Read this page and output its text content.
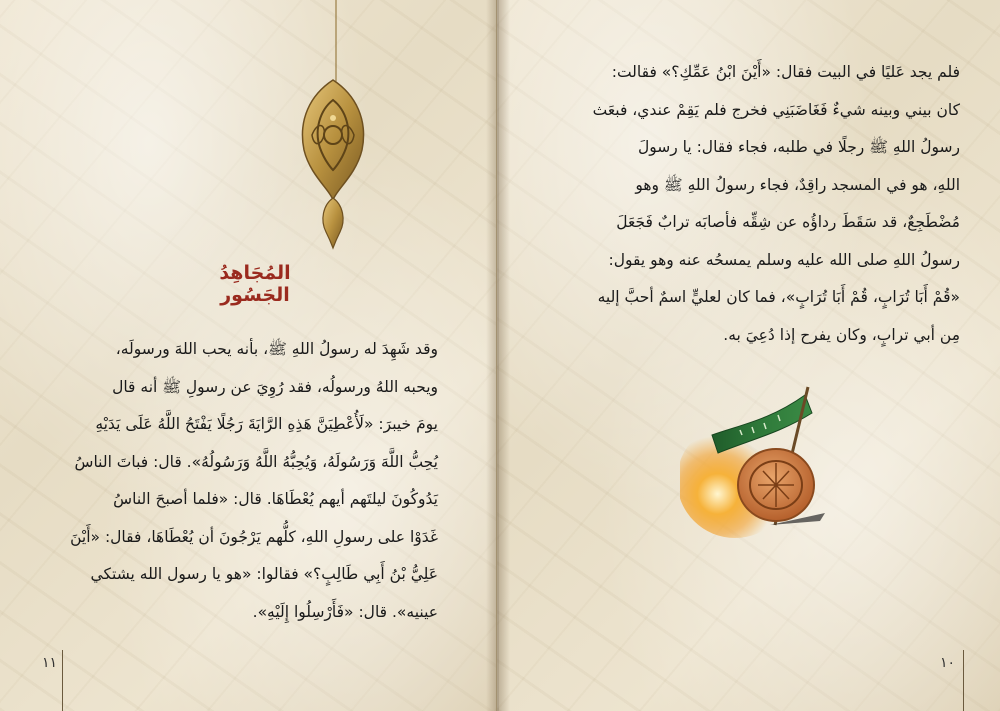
المُجَاهِدُ الجَسُور
وقد شَهِدَ له رسولُ اللهِ ﷺ، بأنه يحب اللهَ ورسولَه،
ويحبه اللهُ ورسولُه، فقد رُوِيَ عن رسولِ ﷺ أنه قال
يومَ خيبرَ: «لَأُعْطِيَنَّ هَذِهِ الرَّايَةَ رَجُلًا يَفْتَحُ اللَّهُ عَلَى يَدَيْهِ
يُحِبُّ اللَّهَ وَرَسُولَهُ، وَيُحِبُّهُ اللَّهُ وَرَسُولُهُ». قال: فباتَ الناسُ
يَدُوكُونَ ليلتَهم أيهم يُعْطَاهَا. قال: «فلما أصبحَ الناسُ
غَدَوْا على رسولِ اللهِ، كلُّهم يَرْجُونَ أن يُعْطَاهَا، فقال: «أَيْنَ
عَلِيُّ بْنُ أَبِي طَالِبٍ؟» فقالوا: «هو يا رسول الله يشتكي
عينيه». قال: «فَأَرْسِلُوا إِلَيْهِ».
١١
فلم يجد عَليًا في البيت فقال: «أَيْنَ ابْنُ عَمِّكِ؟» فقالت:
كان بيني وبينه شيءٌ فَغَاضَبَنِي فخرج فلم يَقِمْ عندي، فبعَث
رسولُ اللهِ ﷺ رجلًا في طلبه، فجاء فقال: يا رسولَ
اللهِ، هو في المسجد راقِدٌ، فجاء رسولُ اللهِ ﷺ وهو
مُضْطَجِعٌ، قد سَقَطَ رداؤُه عن شِقِّه فأصابَه ترابٌ فَجَعَلَ
رسولُ اللهِ صلى الله عليه وسلم يمسحُه عنه وهو يقول:
«قُمْ أَبَا تُرَابٍ، قُمْ أَبَا تُرَابٍ»، فما كان لعليٍّ اسمٌ أحبَّ إليه
مِن أبي ترابٍ، وكان يفرح إذا دُعِيَ به.
١٠
